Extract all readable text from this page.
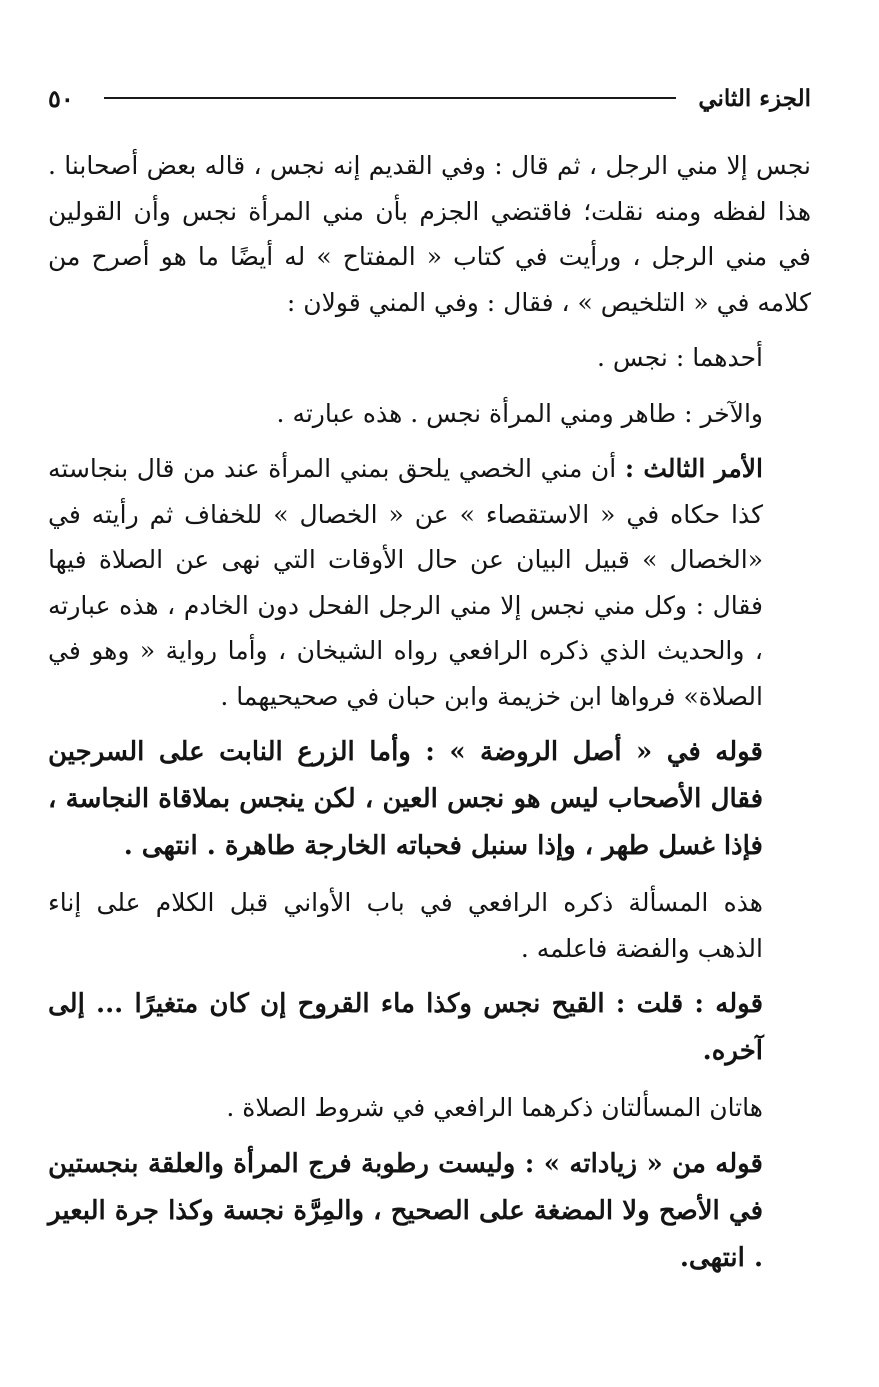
الجزء الثاني
٥٠

نجس إلا مني الرجل ، ثم قال : وفي القديم إنه نجس ، قاله بعض أصحابنا . هذا لفظه ومنه نقلت؛ فاقتضي الجزم بأن مني المرأة نجس وأن القولين في مني الرجل ، ورأيت في كتاب « المفتاح » له أيضًا ما هو أصرح من كلامه في « التلخيص » ، فقال : وفي المني قولان :

أحدهما : نجس .

والآخر : طاهر ومني المرأة نجس . هذه عبارته .

الأمر الثالث : أن مني الخصي يلحق بمني المرأة عند من قال بنجاسته كذا حكاه في « الاستقصاء » عن « الخصال » للخفاف ثم رأيته في «الخصال » قبيل البيان عن حال الأوقات التي نهى عن الصلاة فيها فقال : وكل مني نجس إلا مني الرجل الفحل دون الخادم ، هذه عبارته ، والحديث الذي ذكره الرافعي رواه الشيخان ، وأما رواية « وهو في الصلاة» فرواها ابن خزيمة وابن حبان في صحيحيهما .

قوله في « أصل الروضة » : وأما الزرع النابت على السرجين فقال الأصحاب ليس هو نجس العين ، لكن ينجس بملاقاة النجاسة ، فإذا غسل طهر ، وإذا سنبل فحباته الخارجة طاهرة . انتهى .

هذه المسألة ذكره الرافعي في باب الأواني قبل الكلام على إناء الذهب والفضة فاعلمه .

قوله : قلت : القيح نجس وكذا ماء القروح إن كان متغيرًا ... إلى آخره.

هاتان المسألتان ذكرهما الرافعي في شروط الصلاة .

قوله من « زياداته » : وليست رطوبة فرج المرأة والعلقة بنجستين في الأصح ولا المضغة على الصحيح ، والمِرَّة نجسة وكذا جرة البعير . انتهى.
